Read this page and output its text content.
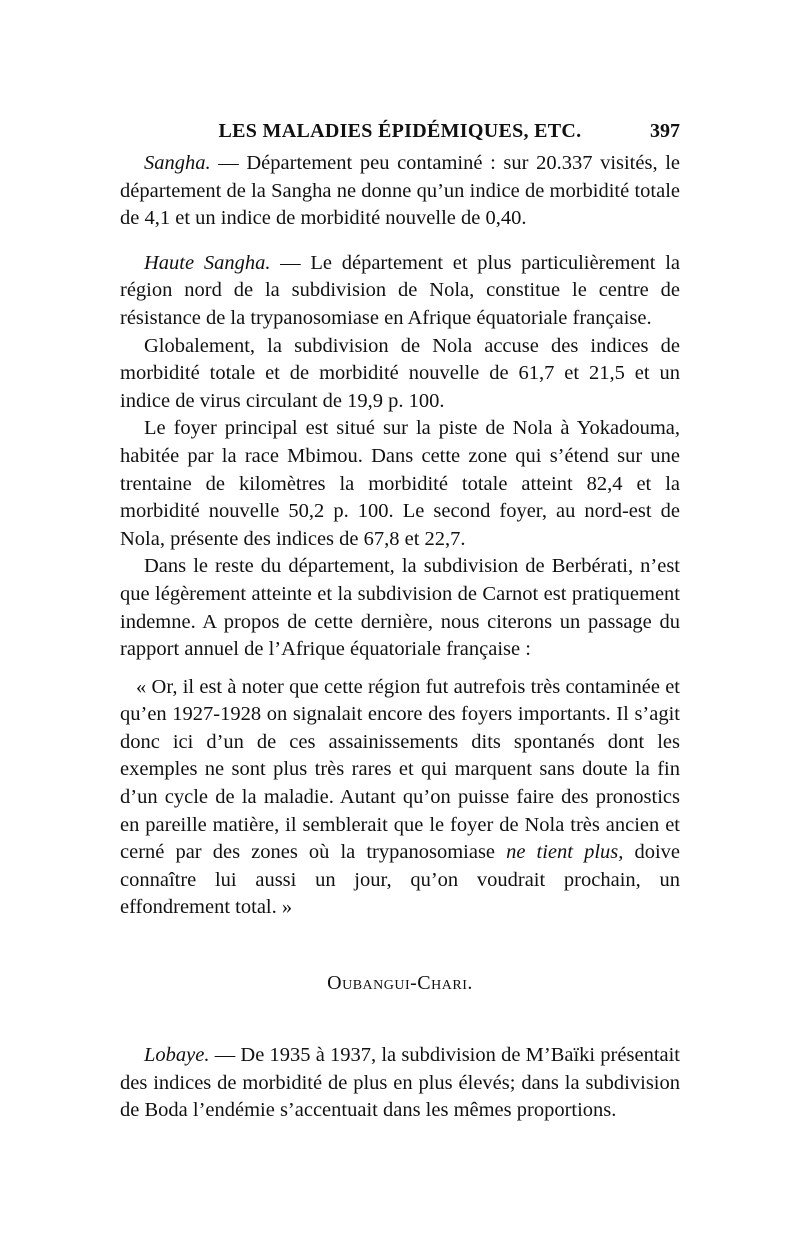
LES MALADIES ÉPIDÉMIQUES, ETC.	397

Sangha. — Département peu contaminé : sur 20.337 visités, le département de la Sangha ne donne qu’un indice de morbidité totale de 4,1 et un indice de morbidité nouvelle de 0,40.

Haute Sangha. — Le département et plus particulièrement la région nord de la subdivision de Nola, constitue le centre de résistance de la trypanosomiase en Afrique équatoriale française.

Globalement, la subdivision de Nola accuse des indices de morbidité totale et de morbidité nouvelle de 61,7 et 21,5 et un indice de virus circulant de 19,9 p. 100.

Le foyer principal est situé sur la piste de Nola à Yokadouma, habitée par la race Mbimou. Dans cette zone qui s’étend sur une trentaine de kilomètres la morbidité totale atteint 82,4 et la morbidité nouvelle 50,2 p. 100. Le second foyer, au nord-est de Nola, présente des indices de 67,8 et 22,7.

Dans le reste du département, la subdivision de Berbérati, n’est que légèrement atteinte et la subdivision de Carnot est pratiquement indemne. A propos de cette dernière, nous citerons un passage du rapport annuel de l’Afrique équatoriale française :

« Or, il est à noter que cette région fut autrefois très contaminée et qu’en 1927-1928 on signalait encore des foyers importants. Il s’agit donc ici d’un de ces assainissements dits spontanés dont les exemples ne sont plus très rares et qui marquent sans doute la fin d’un cycle de la maladie. Autant qu’on puisse faire des pronostics en pareille matière, il semblerait que le foyer de Nola très ancien et cerné par des zones où la trypanosomiase ne tient plus, doive connaître lui aussi un jour, qu’on voudrait prochain, un effondrement total. »

Oubangui-Chari.

Lobaye. — De 1935 à 1937, la subdivision de M’Baïki présentait des indices de morbidité de plus en plus élevés; dans la subdivision de Boda l’endémie s’accentuait dans les mêmes proportions.
